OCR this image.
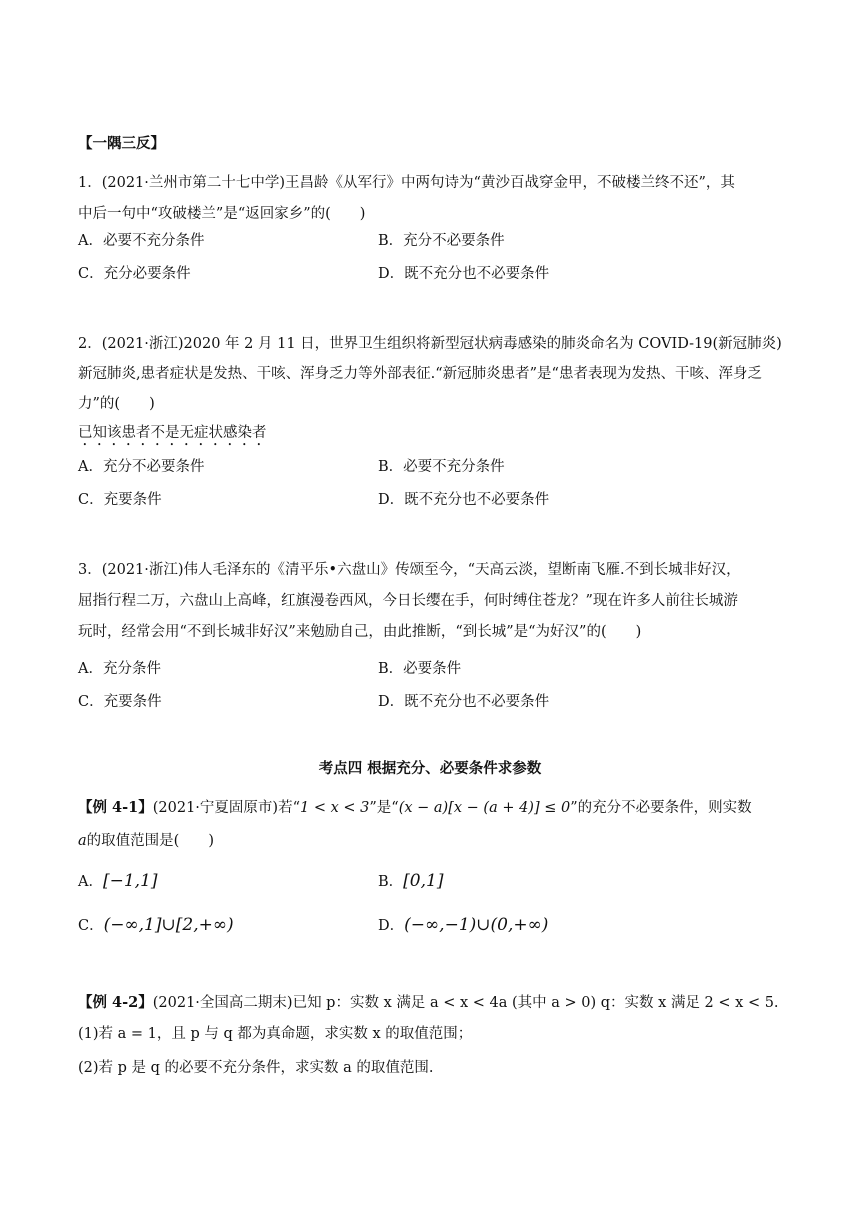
【一隅三反】
1．(2021·兰州市第二十七中学)王昌龄《从军行》中两句诗为“黄沙百战穿金甲，不破楼兰终不还”，其
中后一句中“攻破楼兰”是“返回家乡”的(　　)
A．必要不充分条件	B．充分不必要条件
C．充分必要条件	D．既不充分也不必要条件
2．(2021·浙江)2020 年 2 月 11 日，世界卫生组织将新型冠状病毒感染的肺炎命名为 COVID-19(新冠肺炎)
新冠肺炎,患者症状是发热、干咳、浑身乏力等外部表征.“新冠肺炎患者”是“患者表现为发热、干咳、浑身乏
力”的(　　)
已知该患者不是无症状感染者
A．充分不必要条件	B．必要不充分条件
C．充要条件	D．既不充分也不必要条件
3．(2021·浙江)伟人毛泽东的《清平乐•六盘山》传颂至今，“天高云淡，望断南飞雁.不到长城非好汉，
屈指行程二万，六盘山上高峰，红旗漫卷西风，今日长缨在手，何时缚住苍龙？”现在许多人前往长城游
玩时，经常会用“不到长城非好汉”来勉励自己，由此推断，“到长城”是“为好汉”的(　　)
A．充分条件	B．必要条件
C．充要条件	D．既不充分也不必要条件
考点四 根据充分、必要条件求参数
【例 4-1】(2021·宁夏固原市)若“1 < x < 3”是“(x − a)[x − (a + 4)] ≤ 0”的充分不必要条件，则实数
a的取值范围是(　　)
A．[−1,1]	B．[0,1]
C．(−∞,1]∪[2,+∞)	D．(−∞,−1)∪(0,+∞)
【例 4-2】(2021·全国高二期末)已知 p：实数 x 满足 a < x < 4a (其中 a > 0) q：实数 x 满足 2 < x < 5.
(1)若 a = 1，且 p 与 q 都为真命题，求实数 x 的取值范围；
(2)若 p 是 q 的必要不充分条件，求实数 a 的取值范围.
